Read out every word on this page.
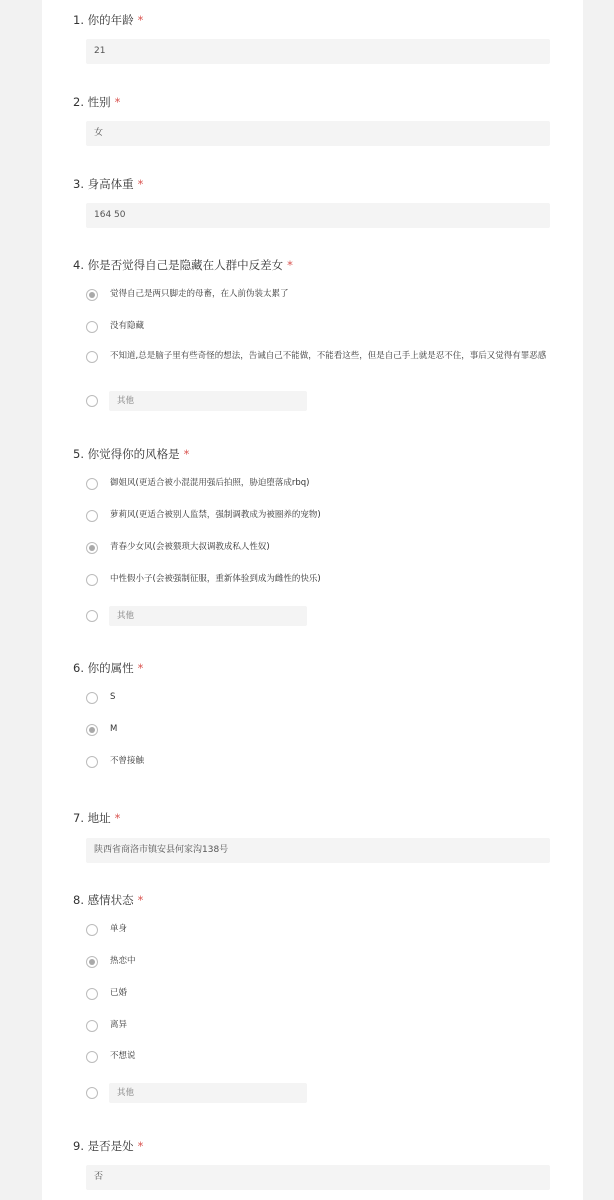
1. 你的年龄 *
21
2. 性别 *
女
3. 身高体重 *
164 50
4. 你是否觉得自己是隐藏在人群中反差女 *
觉得自己是两只脚走的母畜，在人前伪装太累了
没有隐藏
不知道,总是脑子里有些奇怪的想法，告诫自己不能做，不能看这些，但是自己手上就是忍不住，事后又觉得有罪恶感
其他
5. 你觉得你的风格是 *
御姐风(更适合被小混混用强后拍照，胁迫堕落成rbq)
萝莉风(更适合被别人监禁，强制调教成为被圈养的宠物)
青春少女风(会被猥琐大叔调教成私人性奴)
中性假小子(会被强制征服，重新体验到成为雌性的快乐)
其他
6. 你的属性 *
S
M
不曾接触
7. 地址 *
陕西省商洛市镇安县何家沟138号
8. 感情状态 *
单身
热恋中
已婚
离异
不想说
其他
9. 是否是处 *
否
